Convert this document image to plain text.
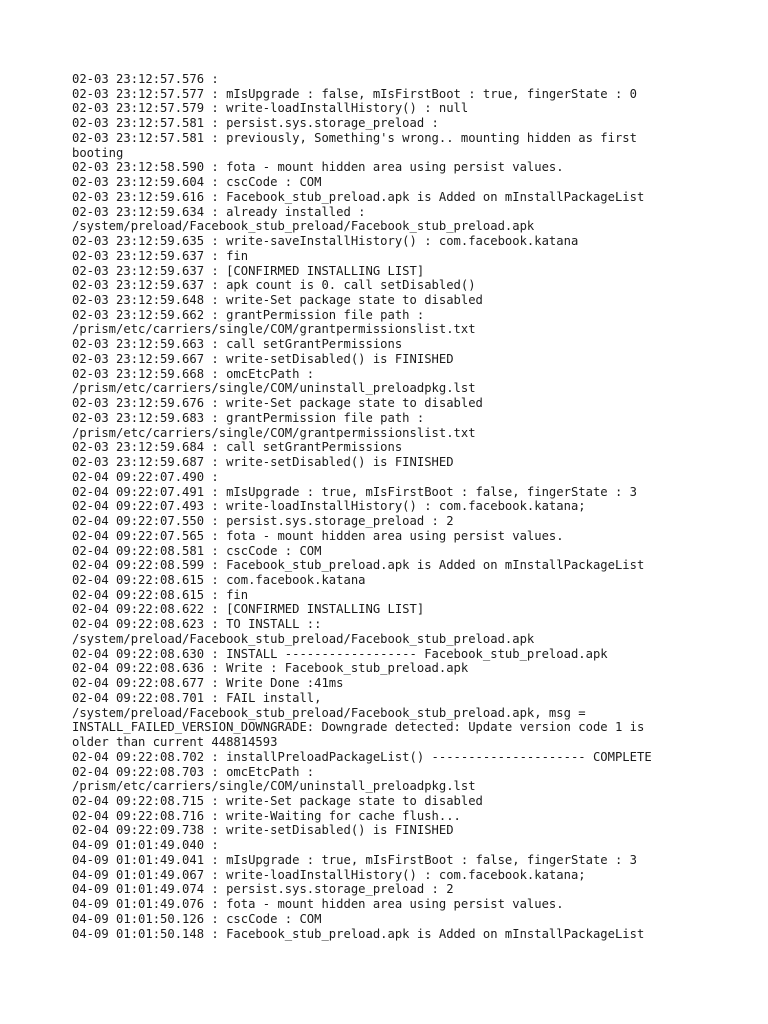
02-03 23:12:57.576 :
02-03 23:12:57.577 : mIsUpgrade : false, mIsFirstBoot : true, fingerState : 0
02-03 23:12:57.579 : write-loadInstallHistory() : null
02-03 23:12:57.581 : persist.sys.storage_preload :
02-03 23:12:57.581 : previously, Something's wrong.. mounting hidden as first
booting
02-03 23:12:58.590 : fota - mount hidden area using persist values.
02-03 23:12:59.604 : cscCode : COM
02-03 23:12:59.616 : Facebook_stub_preload.apk is Added on mInstallPackageList
02-03 23:12:59.634 : already installed :
/system/preload/Facebook_stub_preload/Facebook_stub_preload.apk
02-03 23:12:59.635 : write-saveInstallHistory() : com.facebook.katana
02-03 23:12:59.637 : fin
02-03 23:12:59.637 : [CONFIRMED INSTALLING LIST]
02-03 23:12:59.637 : apk count is 0. call setDisabled()
02-03 23:12:59.648 : write-Set package state to disabled
02-03 23:12:59.662 : grantPermission file path :
/prism/etc/carriers/single/COM/grantpermissionslist.txt
02-03 23:12:59.663 : call setGrantPermissions
02-03 23:12:59.667 : write-setDisabled() is FINISHED
02-03 23:12:59.668 : omcEtcPath :
/prism/etc/carriers/single/COM/uninstall_preloadpkg.lst
02-03 23:12:59.676 : write-Set package state to disabled
02-03 23:12:59.683 : grantPermission file path :
/prism/etc/carriers/single/COM/grantpermissionslist.txt
02-03 23:12:59.684 : call setGrantPermissions
02-03 23:12:59.687 : write-setDisabled() is FINISHED
02-04 09:22:07.490 :
02-04 09:22:07.491 : mIsUpgrade : true, mIsFirstBoot : false, fingerState : 3
02-04 09:22:07.493 : write-loadInstallHistory() : com.facebook.katana;
02-04 09:22:07.550 : persist.sys.storage_preload : 2
02-04 09:22:07.565 : fota - mount hidden area using persist values.
02-04 09:22:08.581 : cscCode : COM
02-04 09:22:08.599 : Facebook_stub_preload.apk is Added on mInstallPackageList
02-04 09:22:08.615 : com.facebook.katana
02-04 09:22:08.615 : fin
02-04 09:22:08.622 : [CONFIRMED INSTALLING LIST]
02-04 09:22:08.623 : TO INSTALL ::
/system/preload/Facebook_stub_preload/Facebook_stub_preload.apk
02-04 09:22:08.630 : INSTALL ------------------ Facebook_stub_preload.apk
02-04 09:22:08.636 : Write : Facebook_stub_preload.apk
02-04 09:22:08.677 : Write Done :41ms
02-04 09:22:08.701 : FAIL install,
/system/preload/Facebook_stub_preload/Facebook_stub_preload.apk, msg =
INSTALL_FAILED_VERSION_DOWNGRADE: Downgrade detected: Update version code 1 is
older than current 448814593
02-04 09:22:08.702 : installPreloadPackageList() --------------------- COMPLETE
02-04 09:22:08.703 : omcEtcPath :
/prism/etc/carriers/single/COM/uninstall_preloadpkg.lst
02-04 09:22:08.715 : write-Set package state to disabled
02-04 09:22:08.716 : write-Waiting for cache flush...
02-04 09:22:09.738 : write-setDisabled() is FINISHED
04-09 01:01:49.040 :
04-09 01:01:49.041 : mIsUpgrade : true, mIsFirstBoot : false, fingerState : 3
04-09 01:01:49.067 : write-loadInstallHistory() : com.facebook.katana;
04-09 01:01:49.074 : persist.sys.storage_preload : 2
04-09 01:01:49.076 : fota - mount hidden area using persist values.
04-09 01:01:50.126 : cscCode : COM
04-09 01:01:50.148 : Facebook_stub_preload.apk is Added on mInstallPackageList
